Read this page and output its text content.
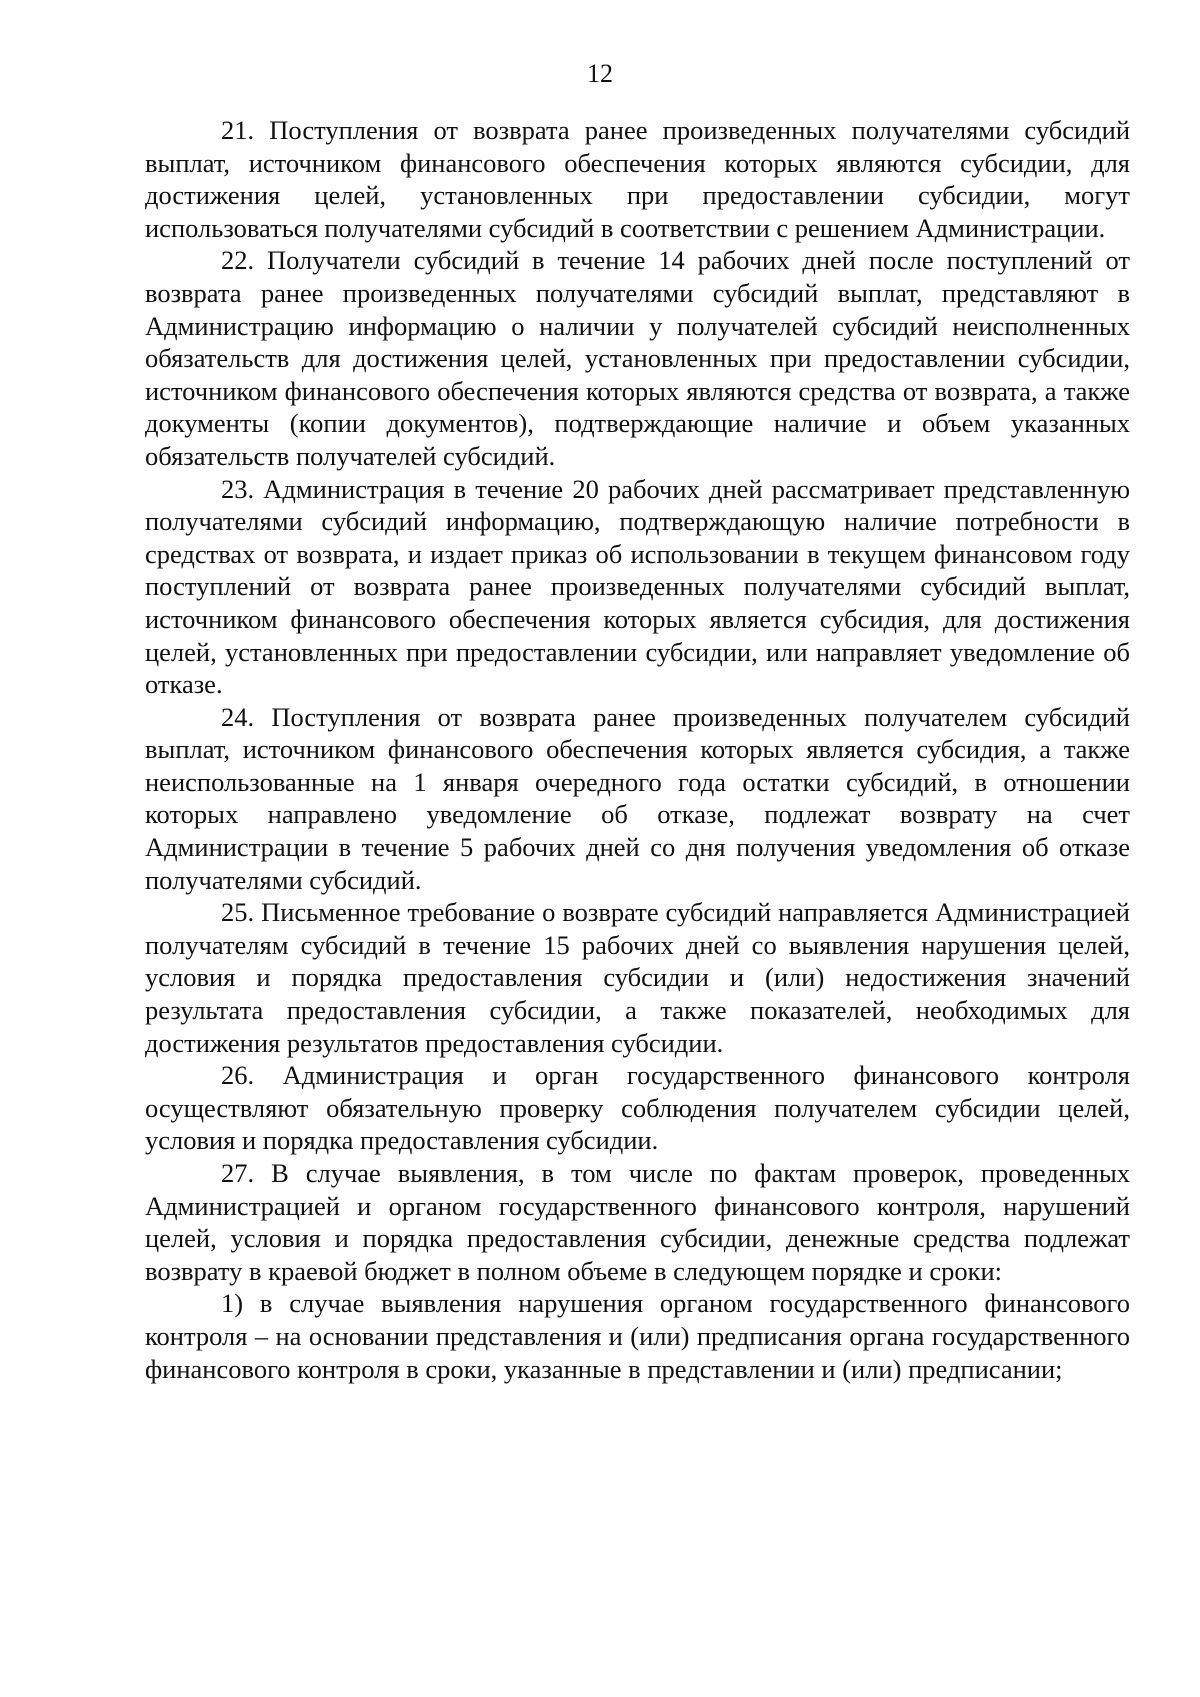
12

21. Поступления от возврата ранее произведенных получателями субсидий выплат, источником финансового обеспечения которых являются субсидии, для достижения целей, установленных при предоставлении субсидии, могут использоваться получателями субсидий в соответствии с решением Администрации.

22. Получатели субсидий в течение 14 рабочих дней после поступлений от возврата ранее произведенных получателями субсидий выплат, представляют в Администрацию информацию о наличии у получателей субсидий неисполненных обязательств для достижения целей, установленных при предоставлении субсидии, источником финансового обеспечения которых являются средства от возврата, а также документы (копии документов), подтверждающие наличие и объем указанных обязательств получателей субсидий.

23. Администрация в течение 20 рабочих дней рассматривает представленную получателями субсидий информацию, подтверждающую наличие потребности в средствах от возврата, и издает приказ об использовании в текущем финансовом году поступлений от возврата ранее произведенных получателями субсидий выплат, источником финансового обеспечения которых является субсидия, для достижения целей, установленных при предоставлении субсидии, или направляет уведомление об отказе.

24. Поступления от возврата ранее произведенных получателем субсидий выплат, источником финансового обеспечения которых является субсидия, а также неиспользованные на 1 января очередного года остатки субсидий, в отношении которых направлено уведомление об отказе, подлежат возврату на счет Администрации в течение 5 рабочих дней со дня получения уведомления об отказе получателями субсидий.

25. Письменное требование о возврате субсидий направляется Администрацией получателям субсидий в течение 15 рабочих дней со выявления нарушения целей, условия и порядка предоставления субсидии и (или) недостижения значений результата предоставления субсидии, а также показателей, необходимых для достижения результатов предоставления субсидии.

26. Администрация и орган государственного финансового контроля осуществляют обязательную проверку соблюдения получателем субсидии целей, условия и порядка предоставления субсидии.

27. В случае выявления, в том числе по фактам проверок, проведенных Администрацией и органом государственного финансового контроля, нарушений целей, условия и порядка предоставления субсидии, денежные средства подлежат возврату в краевой бюджет в полном объеме в следующем порядке и сроки:

1) в случае выявления нарушения органом государственного финансового контроля – на основании представления и (или) предписания органа государственного финансового контроля в сроки, указанные в представлении и (или) предписании;
